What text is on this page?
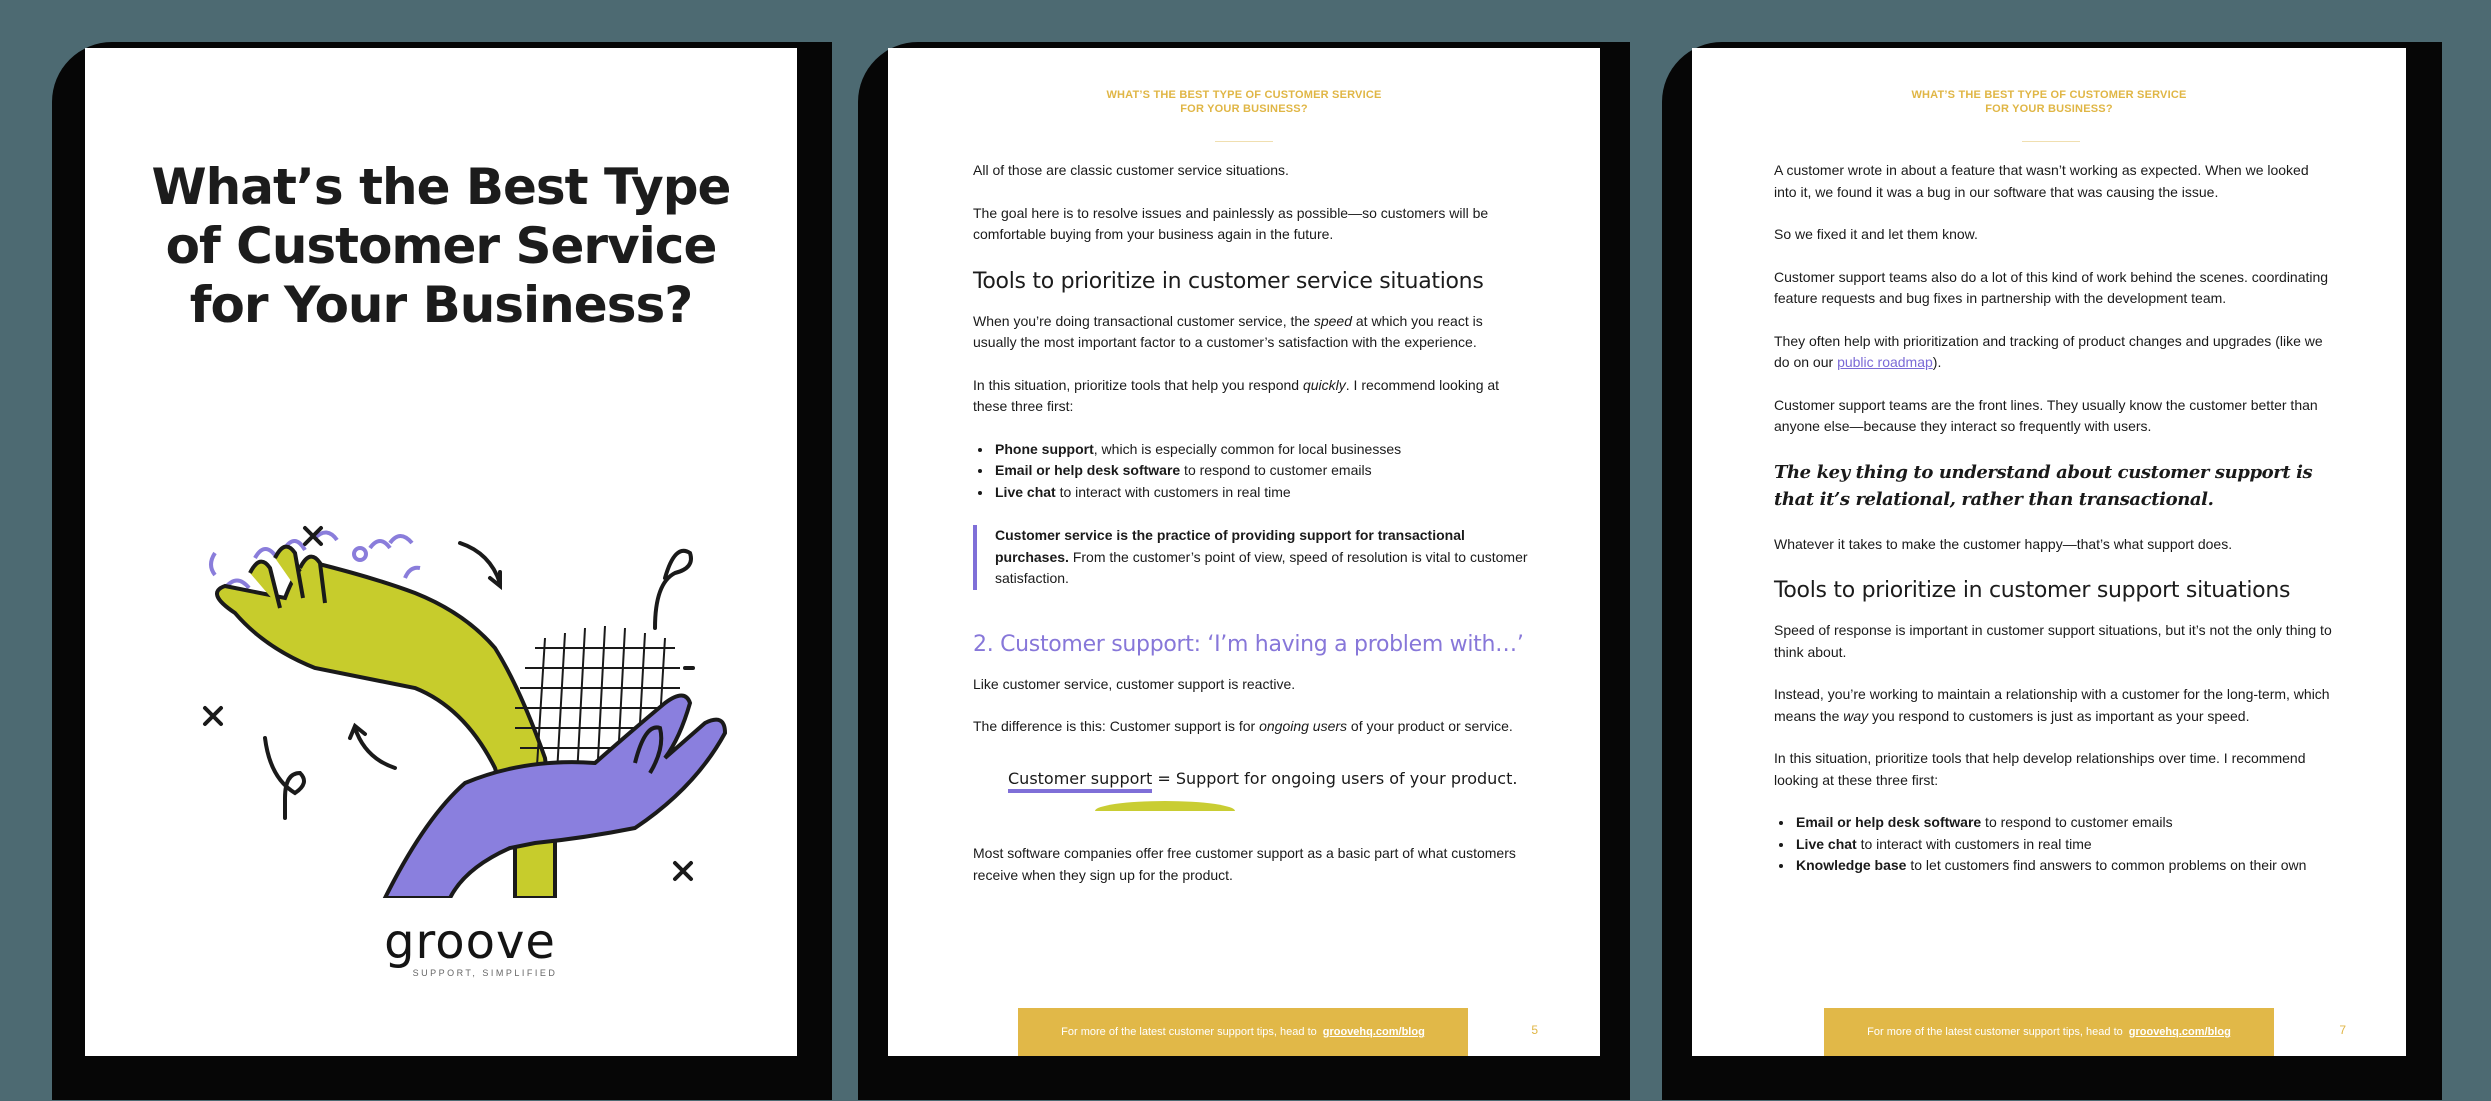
What’s the Best Type
of Customer Service
for Your Business?
groove
SUPPORT, SIMPLIFIED
WHAT’S THE BEST TYPE OF CUSTOMER SERVICE
FOR YOUR BUSINESS?

All of those are classic customer service situations.

The goal here is to resolve issues and painlessly as possible—so customers will be comfortable buying from your business again in the future.

Tools to prioritize in customer service situations

When you’re doing transactional customer service, the speed at which you react is usually the most important factor to a customer’s satisfaction with the experience.

In this situation, prioritize tools that help you respond quickly. I recommend looking at these three first:

• Phone support, which is especially common for local businesses
• Email or help desk software to respond to customer emails
• Live chat to interact with customers in real time
Customer service is the practice of providing support for transactional purchases. From the customer’s point of view, speed of resolution is vital to customer satisfaction.
2. Customer support: ‘I’m having a problem with…’

Like customer service, customer support is reactive.

The difference is this: Customer support is for ongoing users of your product or service.

Customer support = Support for ongoing users of your product.

Most software companies offer free customer support as a basic part of what customers receive when they sign up for the product.

For more of the latest customer support tips, head to groovehq.com/blog	5
WHAT’S THE BEST TYPE OF CUSTOMER SERVICE
FOR YOUR BUSINESS?

A customer wrote in about a feature that wasn’t working as expected. When we looked into it, we found it was a bug in our software that was causing the issue.

So we fixed it and let them know.

Customer support teams also do a lot of this kind of work behind the scenes. coordinating feature requests and bug fixes in partnership with the development team.

They often help with prioritization and tracking of product changes and upgrades (like we do on our public roadmap).

Customer support teams are the front lines. They usually know the customer better than anyone else—because they interact so frequently with users.

The key thing to understand about customer support is that it’s relational, rather than transactional.

Whatever it takes to make the customer happy—that’s what support does.

Tools to prioritize in customer support situations

Speed of response is important in customer support situations, but it’s not the only thing to think about.

Instead, you’re working to maintain a relationship with a customer for the long-term, which means the way you respond to customers is just as important as your speed.

In this situation, prioritize tools that help develop relationships over time. I recommend looking at these three first:

• Email or help desk software to respond to customer emails
• Live chat to interact with customers in real time
• Knowledge base to let customers find answers to common problems on their own
For more of the latest customer support tips, head to groovehq.com/blog	7
